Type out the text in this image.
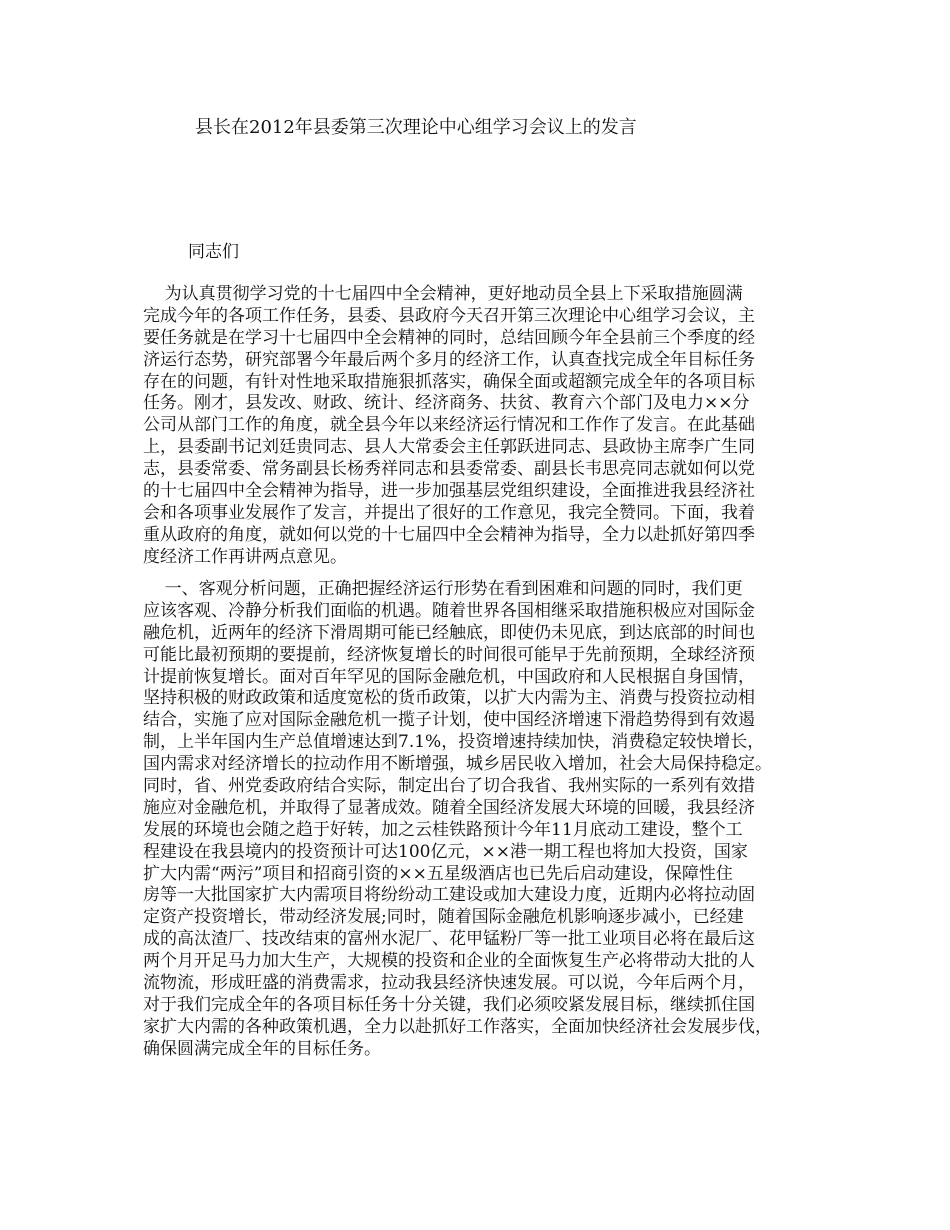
县长在2012年县委第三次理论中心组学习会议上的发言

同志们

为认真贯彻学习党的十七届四中全会精神，更好地动员全县上下采取措施圆满
完成今年的各项工作任务，县委、县政府今天召开第三次理论中心组学习会议，主
要任务就是在学习十七届四中全会精神的同时，总结回顾今年全县前三个季度的经
济运行态势，研究部署今年最后两个多月的经济工作，认真查找完成全年目标任务
存在的问题，有针对性地采取措施狠抓落实，确保全面或超额完成全年的各项目标
任务。刚才，县发改、财政、统计、经济商务、扶贫、教育六个部门及电力××分
公司从部门工作的角度，就全县今年以来经济运行情况和工作作了发言。在此基础
上，县委副书记刘廷贵同志、县人大常委会主任郭跃进同志、县政协主席李广生同
志，县委常委、常务副县长杨秀祥同志和县委常委、副县长韦思亮同志就如何以党
的十七届四中全会精神为指导，进一步加强基层党组织建设，全面推进我县经济社
会和各项事业发展作了发言，并提出了很好的工作意见，我完全赞同。下面，我着
重从政府的角度，就如何以党的十七届四中全会精神为指导，全力以赴抓好第四季
度经济工作再讲两点意见。
一、客观分析问题，正确把握经济运行形势在看到困难和问题的同时，我们更
应该客观、冷静分析我们面临的机遇。随着世界各国相继采取措施积极应对国际金
融危机，近两年的经济下滑周期可能已经触底，即使仍未见底，到达底部的时间也
可能比最初预期的要提前，经济恢复增长的时间很可能早于先前预期，全球经济预
计提前恢复增长。面对百年罕见的国际金融危机，中国政府和人民根据自身国情，
坚持积极的财政政策和适度宽松的货币政策，以扩大内需为主、消费与投资拉动相
结合，实施了应对国际金融危机一揽子计划，使中国经济增速下滑趋势得到有效遏
制，上半年国内生产总值增速达到7.1%，投资增速持续加快，消费稳定较快增长，
国内需求对经济增长的拉动作用不断增强，城乡居民收入增加，社会大局保持稳定。
同时，省、州党委政府结合实际，制定出台了切合我省、我州实际的一系列有效措
施应对金融危机，并取得了显著成效。随着全国经济发展大环境的回暖，我县经济
发展的环境也会随之趋于好转，加之云桂铁路预计今年11月底动工建设，整个工
程建设在我县境内的投资预计可达100亿元，××港一期工程也将加大投资，国家
扩大内需“两污”项目和招商引资的××五星级酒店也已先后启动建设，保障性住
房等一大批国家扩大内需项目将纷纷动工建设或加大建设力度，近期内必将拉动固
定资产投资增长，带动经济发展;同时，随着国际金融危机影响逐步减小，已经建
成的高汰渣厂、技改结束的富州水泥厂、花甲锰粉厂等一批工业项目必将在最后这
两个月开足马力加大生产，大规模的投资和企业的全面恢复生产必将带动大批的人
流物流，形成旺盛的消费需求，拉动我县经济快速发展。可以说，今年后两个月，
对于我们完成全年的各项目标任务十分关键，我们必须咬紧发展目标，继续抓住国
家扩大内需的各种政策机遇，全力以赴抓好工作落实，全面加快经济社会发展步伐，
确保圆满完成全年的目标任务。
